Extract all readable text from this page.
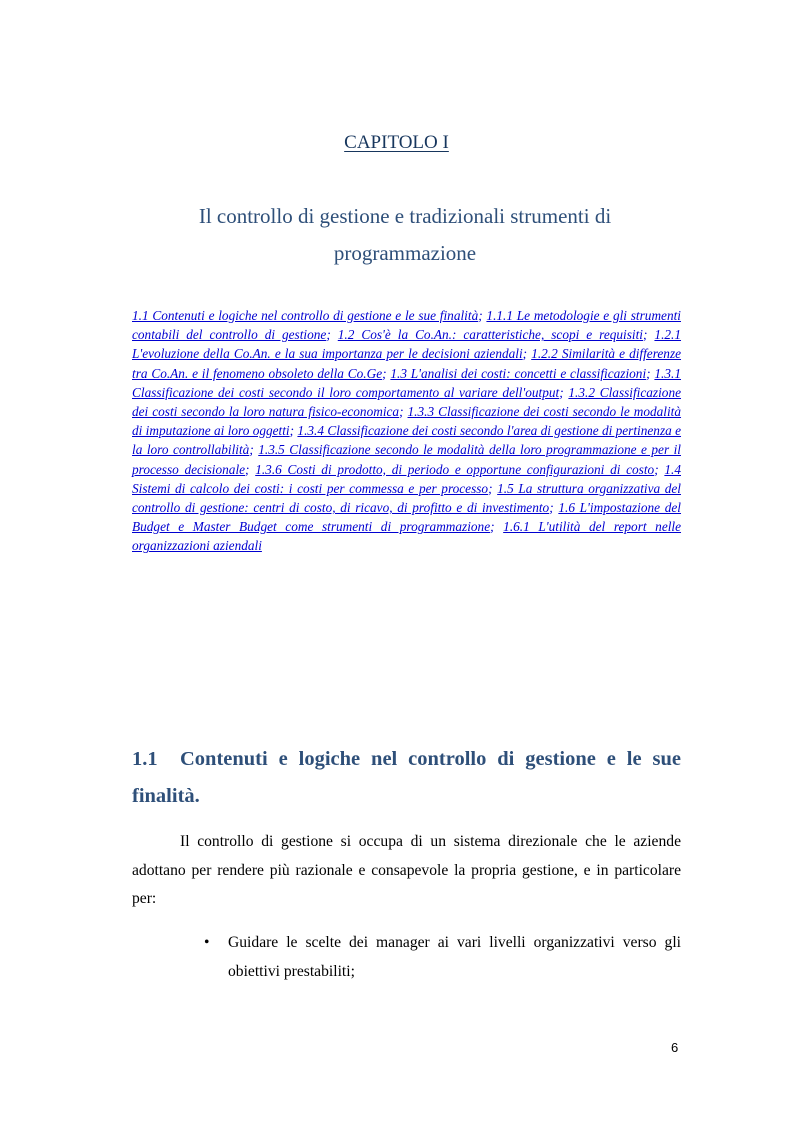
CAPITOLO I
Il controllo di gestione e tradizionali strumenti di programmazione
1.1 Contenuti e logiche nel controllo di gestione e le sue finalità; 1.1.1 Le metodologie e gli strumenti contabili del controllo di gestione; 1.2 Cos'è la Co.An.: caratteristiche, scopi e requisiti; 1.2.1 L'evoluzione della Co.An. e la sua importanza per le decisioni aziendali; 1.2.2 Similarità e differenze tra Co.An. e il fenomeno obsoleto della Co.Ge; 1.3 L'analisi dei costi: concetti e classificazioni; 1.3.1 Classificazione dei costi secondo il loro comportamento al variare dell'output; 1.3.2 Classificazione dei costi secondo la loro natura fisico-economica; 1.3.3 Classificazione dei costi secondo le modalità di imputazione ai loro oggetti; 1.3.4 Classificazione dei costi secondo l'area di gestione di pertinenza e la loro controllabilità; 1.3.5 Classificazione secondo le modalità della loro programmazione e per il processo decisionale; 1.3.6 Costi di prodotto, di periodo e opportune configurazioni di costo; 1.4 Sistemi di calcolo dei costi: i costi per commessa e per processo; 1.5 La struttura organizzativa del controllo di gestione: centri di costo, di ricavo, di profitto e di investimento; 1.6 L'impostazione del Budget e Master Budget come strumenti di programmazione; 1.6.1 L'utilità del report nelle organizzazioni aziendali
1.1 Contenuti e logiche nel controllo di gestione e le sue finalità.
Il controllo di gestione si occupa di un sistema direzionale che le aziende adottano per rendere più razionale e consapevole la propria gestione, e in particolare per:
• Guidare le scelte dei manager ai vari livelli organizzativi verso gli obiettivi prestabiliti;
6
